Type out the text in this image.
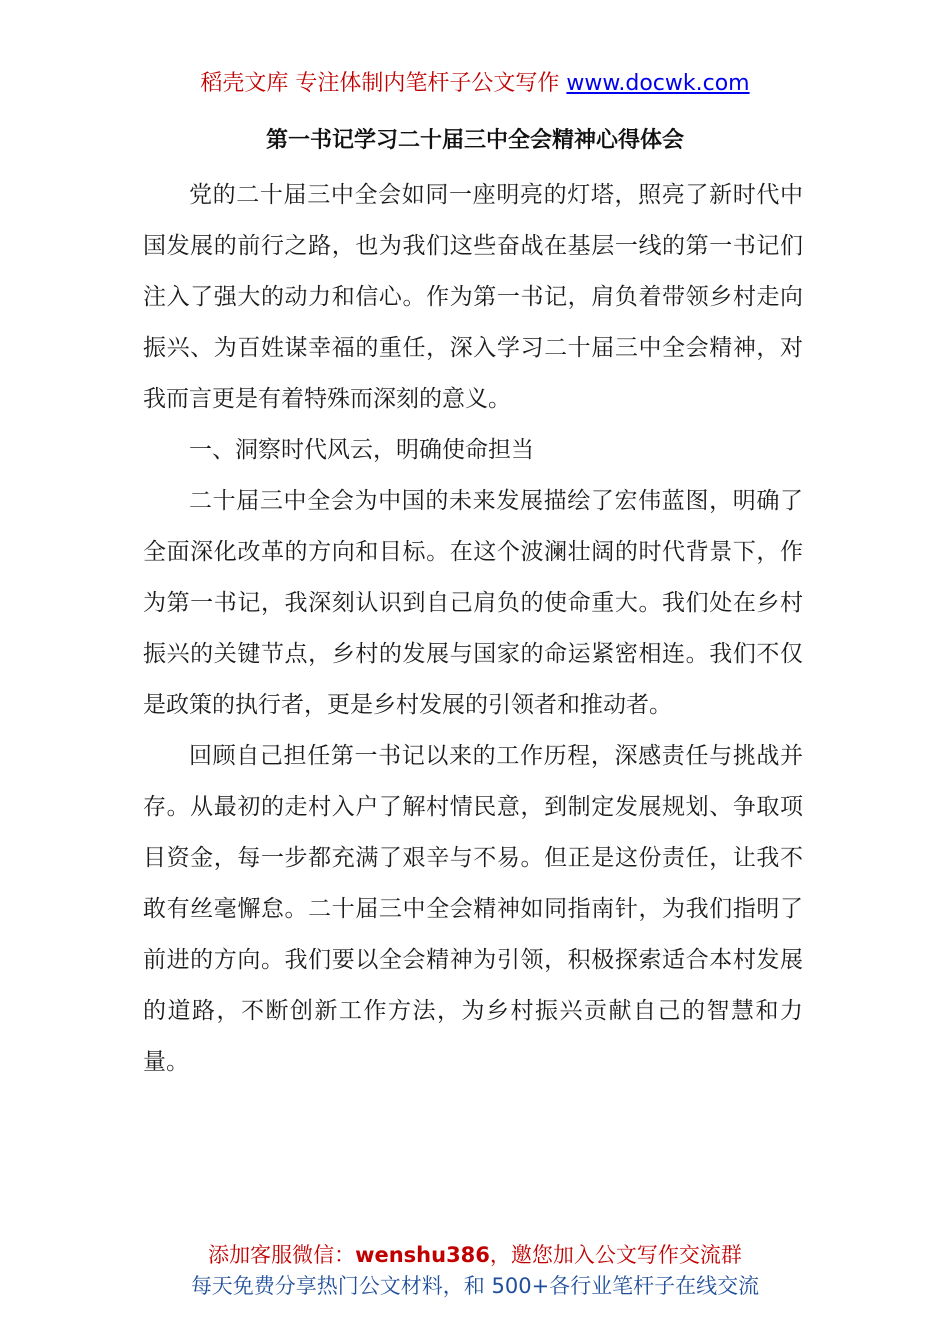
稻壳文库 专注体制内笔杆子公文写作 www.docwk.com
第一书记学习二十届三中全会精神心得体会

党的二十届三中全会如同一座明亮的灯塔，照亮了新时代中国发展的前行之路，也为我们这些奋战在基层一线的第一书记们注入了强大的动力和信心。作为第一书记，肩负着带领乡村走向振兴、为百姓谋幸福的重任，深入学习二十届三中全会精神，对我而言更是有着特殊而深刻的意义。

一、洞察时代风云，明确使命担当

二十届三中全会为中国的未来发展描绘了宏伟蓝图，明确了全面深化改革的方向和目标。在这个波澜壮阔的时代背景下，作为第一书记，我深刻认识到自己肩负的使命重大。我们处在乡村振兴的关键节点，乡村的发展与国家的命运紧密相连。我们不仅是政策的执行者，更是乡村发展的引领者和推动者。

回顾自己担任第一书记以来的工作历程，深感责任与挑战并存。从最初的走村入户了解村情民意，到制定发展规划、争取项目资金，每一步都充满了艰辛与不易。但正是这份责任，让我不敢有丝毫懈怠。二十届三中全会精神如同指南针，为我们指明了前进的方向。我们要以全会精神为引领，积极探索适合本村发展的道路，不断创新工作方法，为乡村振兴贡献自己的智慧和力量。

添加客服微信：wenshu386，邀您加入公文写作交流群
每天免费分享热门公文材料，和 500+各行业笔杆子在线交流
